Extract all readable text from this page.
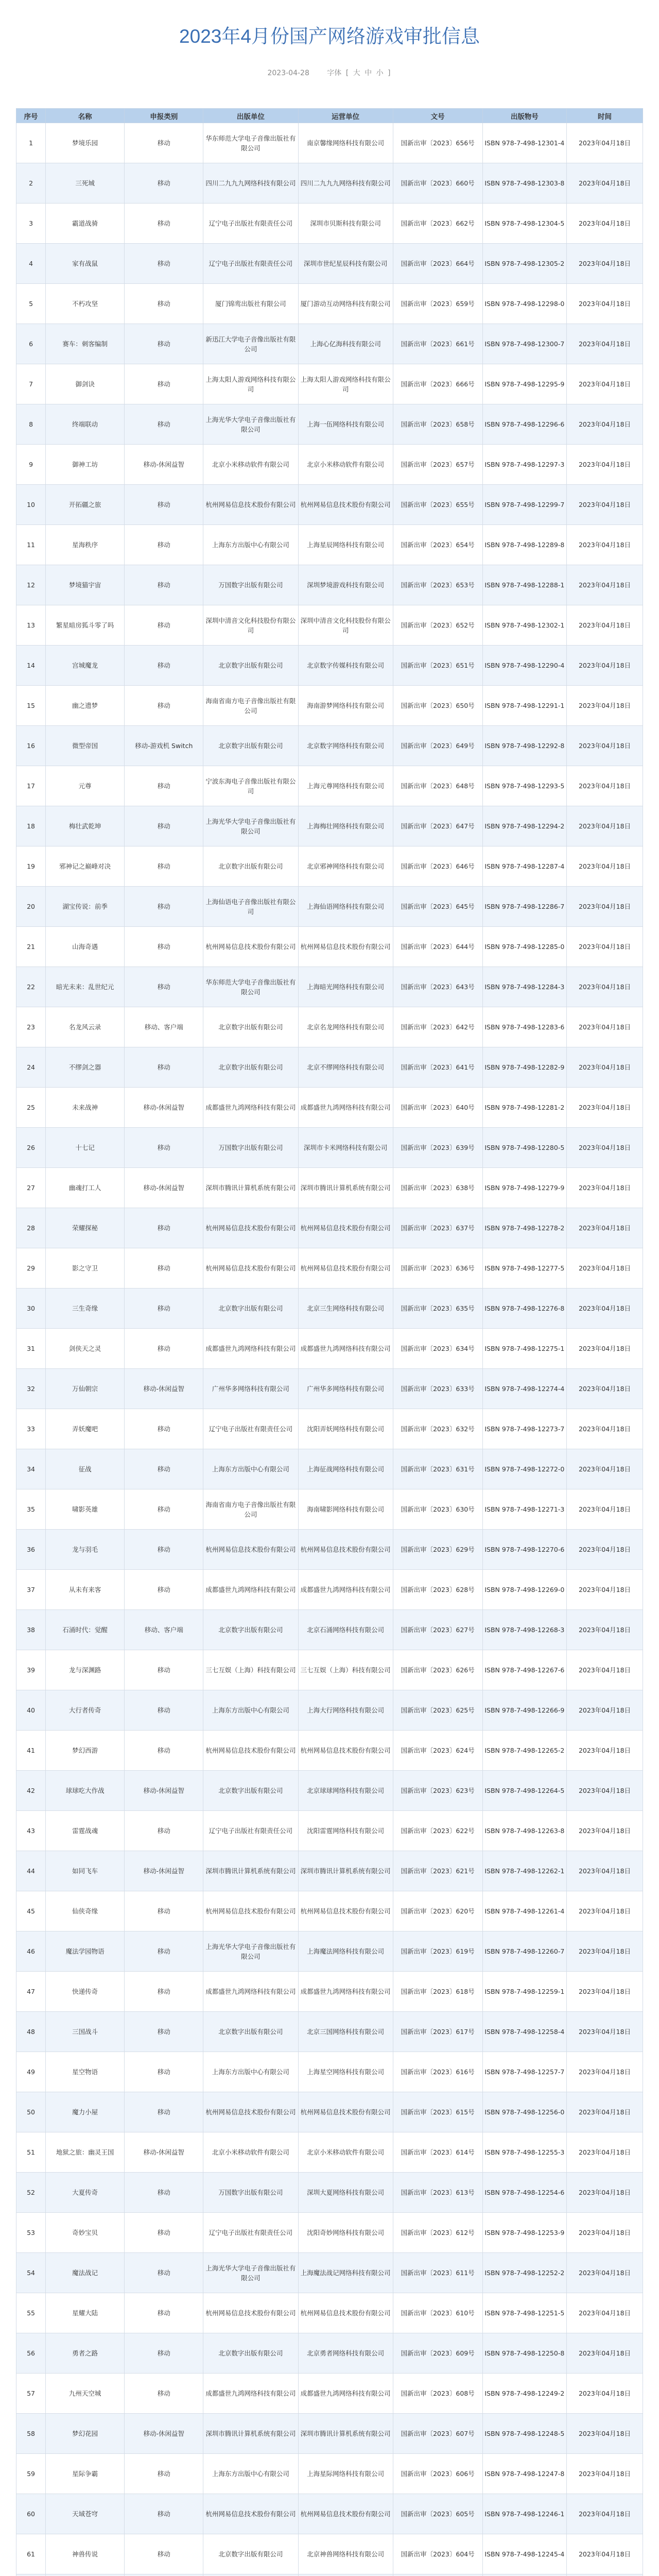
2023年4月份国产网络游戏审批信息
2023-04-28 字体 [ 大 中 小 ]
序号	名称	申报类别	出版单位	运营单位	文号	出版物号	时间
1	梦境乐园	移动	华东师范大学电子音像出版社有限公司	南京馨缘网络科技有限公司	国新出审〔2023〕656号	ISBN 978-7-498-12301-4	2023年04月18日
2	三死城	移动	四川二九九九网络科技有限公司	四川二九九九网络科技有限公司	国新出审〔2023〕660号	ISBN 978-7-498-12303-8	2023年04月18日
3	霸道战骑	移动	辽宁电子出版社有限责任公司	深圳市贝斯科技有限公司	国新出审〔2023〕662号	ISBN 978-7-498-12304-5	2023年04月18日
4	家有战鼠	移动	辽宁电子出版社有限责任公司	深圳市世纪星辰科技有限公司	国新出审〔2023〕664号	ISBN 978-7-498-12305-2	2023年04月18日
5	不朽攻坚	移动	厦门锦鸾出版社有限公司	厦门游动互动网络科技有限公司	国新出审〔2023〕659号	ISBN 978-7-498-12298-0	2023年04月18日
6	赛车：刺客编制	移动	新迅江大学电子音像出版社有限公司	上海心亿海科技有限公司	国新出审〔2023〕661号	ISBN 978-7-498-12300-7	2023年04月18日
7	御剑诀	移动	上海太阳人游戏网络科技有限公司	上海太阳人游戏网络科技有限公司	国新出审〔2023〕666号	ISBN 978-7-498-12295-9	2023年04月18日
8	终端联动	移动	上海光华大学电子音像出版社有限公司	上海一伍网络科技有限公司	国新出审〔2023〕658号	ISBN 978-7-498-12296-6	2023年04月18日
9	御神工坊	移动-休闲益智	北京小米移动软件有限公司	北京小米移动软件有限公司	国新出审〔2023〕657号	ISBN 978-7-498-12297-3	2023年04月18日
10	开拓疆之旅	移动	杭州网易信息技术股份有限公司	杭州网易信息技术股份有限公司	国新出审〔2023〕655号	ISBN 978-7-498-12299-7	2023年04月18日
11	星海秩序	移动	上海东方出版中心有限公司	上海星辰网络科技有限公司	国新出审〔2023〕654号	ISBN 978-7-498-12289-8	2023年04月18日
12	梦境猫宇宙	移动	万国数字出版有限公司	深圳梦境游戏科技有限公司	国新出审〔2023〕653号	ISBN 978-7-498-12288-1	2023年04月18日
13	繁星暗房狐斗零了吗	移动	深圳中清音文化科技股份有限公司	深圳中清音文化科技股份有限公司	国新出审〔2023〕652号	ISBN 978-7-498-12302-1	2023年04月18日
14	宫城魔龙	移动	北京数字出版有限公司	北京数字传媒科技有限公司	国新出审〔2023〕651号	ISBN 978-7-498-12290-4	2023年04月18日
15	幽之遗梦	移动	海南省南方电子音像出版社有限公司	海南游梦网络科技有限公司	国新出审〔2023〕650号	ISBN 978-7-498-12291-1	2023年04月18日
16	微型帝国	移动-游戏机 Switch	北京数字出版有限公司	北京数字网络科技有限公司	国新出审〔2023〕649号	ISBN 978-7-498-12292-8	2023年04月18日
17	元尊	移动	宁波东海电子音像出版社有限公司	上海元尊网络科技有限公司	国新出审〔2023〕648号	ISBN 978-7-498-12293-5	2023年04月18日
18	梅壮武乾坤	移动	上海光华大学电子音像出版社有限公司	上海梅壮网络科技有限公司	国新出审〔2023〕647号	ISBN 978-7-498-12294-2	2023年04月18日
19	邪神记之巅峰对决	移动	北京数字出版有限公司	北京邪神网络科技有限公司	国新出审〔2023〕646号	ISBN 978-7-498-12287-4	2023年04月18日
20	湖宝传说：前季	移动	上海仙语电子音像出版社有限公司	上海仙语网络科技有限公司	国新出审〔2023〕645号	ISBN 978-7-498-12286-7	2023年04月18日
21	山海奇遇	移动	杭州网易信息技术股份有限公司	杭州网易信息技术股份有限公司	国新出审〔2023〕644号	ISBN 978-7-498-12285-0	2023年04月18日
22	暗光未来：乱世纪元	移动	华东师范大学电子音像出版社有限公司	上海暗光网络科技有限公司	国新出审〔2023〕643号	ISBN 978-7-498-12284-3	2023年04月18日
23	名龙风云录	移动、客户端	北京数字出版有限公司	北京名龙网络科技有限公司	国新出审〔2023〕642号	ISBN 978-7-498-12283-6	2023年04月18日
24	不缪剑之器	移动	北京数字出版有限公司	北京不缪网络科技有限公司	国新出审〔2023〕641号	ISBN 978-7-498-12282-9	2023年04月18日
25	未来战神	移动-休闲益智	成都盛世九鸿网络科技有限公司	成都盛世九鸿网络科技有限公司	国新出审〔2023〕640号	ISBN 978-7-498-12281-2	2023年04月18日
26	十七记	移动	万国数字出版有限公司	深圳市卡米网络科技有限公司	国新出审〔2023〕639号	ISBN 978-7-498-12280-5	2023年04月18日
27	幽魂打工人	移动-休闲益智	深圳市腾讯计算机系统有限公司	深圳市腾讯计算机系统有限公司	国新出审〔2023〕638号	ISBN 978-7-498-12279-9	2023年04月18日
28	荣耀探秘	移动	杭州网易信息技术股份有限公司	杭州网易信息技术股份有限公司	国新出审〔2023〕637号	ISBN 978-7-498-12278-2	2023年04月18日
29	影之守卫	移动	杭州网易信息技术股份有限公司	杭州网易信息技术股份有限公司	国新出审〔2023〕636号	ISBN 978-7-498-12277-5	2023年04月18日
30	三生奇缘	移动	北京数字出版有限公司	北京三生网络科技有限公司	国新出审〔2023〕635号	ISBN 978-7-498-12276-8	2023年04月18日
31	剑侠天之灵	移动	成都盛世九鸿网络科技有限公司	成都盛世九鸿网络科技有限公司	国新出审〔2023〕634号	ISBN 978-7-498-12275-1	2023年04月18日
32	万仙朝宗	移动-休闲益智	广州华多网络科技有限公司	广州华多网络科技有限公司	国新出审〔2023〕633号	ISBN 978-7-498-12274-4	2023年04月18日
33	弄妖魔吧	移动	辽宁电子出版社有限责任公司	沈阳弄妖网络科技有限公司	国新出审〔2023〕632号	ISBN 978-7-498-12273-7	2023年04月18日
34	征战	移动	上海东方出版中心有限公司	上海征战网络科技有限公司	国新出审〔2023〕631号	ISBN 978-7-498-12272-0	2023年04月18日
35	啸影英雄	移动	海南省南方电子音像出版社有限公司	海南啸影网络科技有限公司	国新出审〔2023〕630号	ISBN 978-7-498-12271-3	2023年04月18日
36	龙与羽毛	移动	杭州网易信息技术股份有限公司	杭州网易信息技术股份有限公司	国新出审〔2023〕629号	ISBN 978-7-498-12270-6	2023年04月18日
37	从未有来客	移动	成都盛世九鸿网络科技有限公司	成都盛世九鸿网络科技有限公司	国新出审〔2023〕628号	ISBN 978-7-498-12269-0	2023年04月18日
38	石涌时代：觉醒	移动、客户端	北京数字出版有限公司	北京石涌网络科技有限公司	国新出审〔2023〕627号	ISBN 978-7-498-12268-3	2023年04月18日
39	龙与深渊路	移动	三七互娱（上海）科技有限公司	三七互娱（上海）科技有限公司	国新出审〔2023〕626号	ISBN 978-7-498-12267-6	2023年04月18日
40	大行者传奇	移动	上海东方出版中心有限公司	上海大行网络科技有限公司	国新出审〔2023〕625号	ISBN 978-7-498-12266-9	2023年04月18日
41	梦幻西游	移动	杭州网易信息技术股份有限公司	杭州网易信息技术股份有限公司	国新出审〔2023〕624号	ISBN 978-7-498-12265-2	2023年04月18日
42	球球吃大作战	移动-休闲益智	北京数字出版有限公司	北京球球网络科技有限公司	国新出审〔2023〕623号	ISBN 978-7-498-12264-5	2023年04月18日
43	雷霆战魂	移动	辽宁电子出版社有限责任公司	沈阳雷霆网络科技有限公司	国新出审〔2023〕622号	ISBN 978-7-498-12263-8	2023年04月18日
44	如同飞车	移动-休闲益智	深圳市腾讯计算机系统有限公司	深圳市腾讯计算机系统有限公司	国新出审〔2023〕621号	ISBN 978-7-498-12262-1	2023年04月18日
45	仙侠奇缘	移动	杭州网易信息技术股份有限公司	杭州网易信息技术股份有限公司	国新出审〔2023〕620号	ISBN 978-7-498-12261-4	2023年04月18日
46	魔法学园物语	移动	上海光华大学电子音像出版社有限公司	上海魔法网络科技有限公司	国新出审〔2023〕619号	ISBN 978-7-498-12260-7	2023年04月18日
47	快递传奇	移动	成都盛世九鸿网络科技有限公司	成都盛世九鸿网络科技有限公司	国新出审〔2023〕618号	ISBN 978-7-498-12259-1	2023年04月18日
48	三国战斗	移动	北京数字出版有限公司	北京三国网络科技有限公司	国新出审〔2023〕617号	ISBN 978-7-498-12258-4	2023年04月18日
49	星空物语	移动	上海东方出版中心有限公司	上海星空网络科技有限公司	国新出审〔2023〕616号	ISBN 978-7-498-12257-7	2023年04月18日
50	魔力小屋	移动	杭州网易信息技术股份有限公司	杭州网易信息技术股份有限公司	国新出审〔2023〕615号	ISBN 978-7-498-12256-0	2023年04月18日
51	地狱之旅：幽灵王国	移动-休闲益智	北京小米移动软件有限公司	北京小米移动软件有限公司	国新出审〔2023〕614号	ISBN 978-7-498-12255-3	2023年04月18日
52	大夏传奇	移动	万国数字出版有限公司	深圳大夏网络科技有限公司	国新出审〔2023〕613号	ISBN 978-7-498-12254-6	2023年04月18日
53	奇妙宝贝	移动	辽宁电子出版社有限责任公司	沈阳奇妙网络科技有限公司	国新出审〔2023〕612号	ISBN 978-7-498-12253-9	2023年04月18日
54	魔法战记	移动	上海光华大学电子音像出版社有限公司	上海魔法战记网络科技有限公司	国新出审〔2023〕611号	ISBN 978-7-498-12252-2	2023年04月18日
55	星耀大陆	移动	杭州网易信息技术股份有限公司	杭州网易信息技术股份有限公司	国新出审〔2023〕610号	ISBN 978-7-498-12251-5	2023年04月18日
56	勇者之路	移动	北京数字出版有限公司	北京勇者网络科技有限公司	国新出审〔2023〕609号	ISBN 978-7-498-12250-8	2023年04月18日
57	九州天空城	移动	成都盛世九鸿网络科技有限公司	成都盛世九鸿网络科技有限公司	国新出审〔2023〕608号	ISBN 978-7-498-12249-2	2023年04月18日
58	梦幻花园	移动-休闲益智	深圳市腾讯计算机系统有限公司	深圳市腾讯计算机系统有限公司	国新出审〔2023〕607号	ISBN 978-7-498-12248-5	2023年04月18日
59	星际争霸	移动	上海东方出版中心有限公司	上海星际网络科技有限公司	国新出审〔2023〕606号	ISBN 978-7-498-12247-8	2023年04月18日
60	天域苍穹	移动	杭州网易信息技术股份有限公司	杭州网易信息技术股份有限公司	国新出审〔2023〕605号	ISBN 978-7-498-12246-1	2023年04月18日
61	神兽传说	移动	北京数字出版有限公司	北京神兽网络科技有限公司	国新出审〔2023〕604号	ISBN 978-7-498-12245-4	2023年04月18日
